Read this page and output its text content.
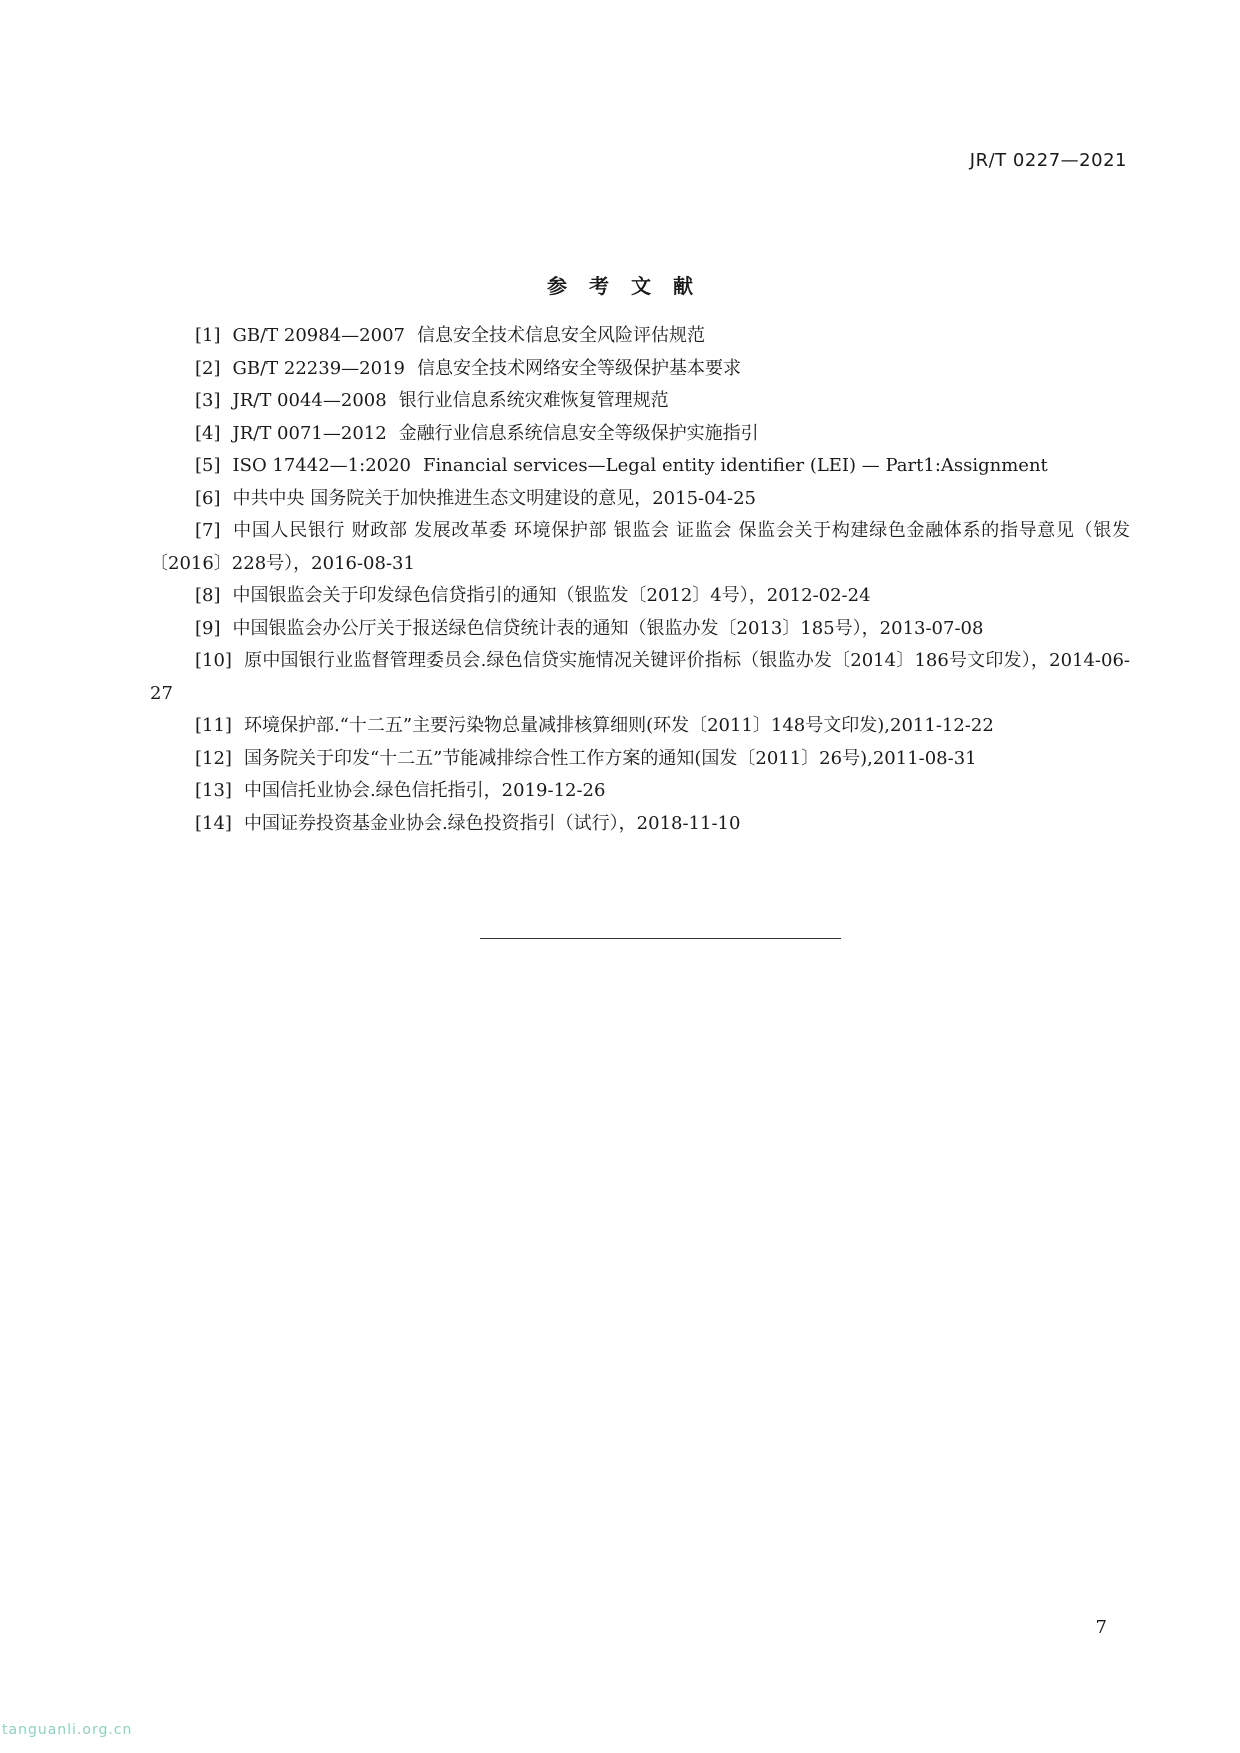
JR/T 0227—2021
参考文献
[1] GB/T 20984—2007 信息安全技术信息安全风险评估规范
[2] GB/T 22239—2019 信息安全技术网络安全等级保护基本要求
[3] JR/T 0044—2008 银行业信息系统灾难恢复管理规范
[4] JR/T 0071—2012 金融行业信息系统信息安全等级保护实施指引
[5] ISO 17442—1:2020 Financial services—Legal entity identifier (LEI) — Part1:Assignment
[6] 中共中央 国务院关于加快推进生态文明建设的意见，2015-04-25
[7] 中国人民银行 财政部 发展改革委 环境保护部 银监会 证监会 保监会关于构建绿色金融体系的指导意见（银发〔2016〕228号），2016-08-31
[8] 中国银监会关于印发绿色信贷指引的通知（银监发〔2012〕4号），2012-02-24
[9] 中国银监会办公厅关于报送绿色信贷统计表的通知（银监办发〔2013〕185号），2013-07-08
[10] 原中国银行业监督管理委员会.绿色信贷实施情况关键评价指标（银监办发〔2014〕186号文印发），2014-06-27
[11] 环境保护部.“十二五”主要污染物总量减排核算细则(环发〔2011〕148号文印发),2011-12-22
[12] 国务院关于印发“十二五”节能减排综合性工作方案的通知(国发〔2011〕26号),2011-08-31
[13] 中国信托业协会.绿色信托指引，2019-12-26
[14] 中国证券投资基金业协会.绿色投资指引（试行），2018-11-10
7
tanguanli.org.cn
